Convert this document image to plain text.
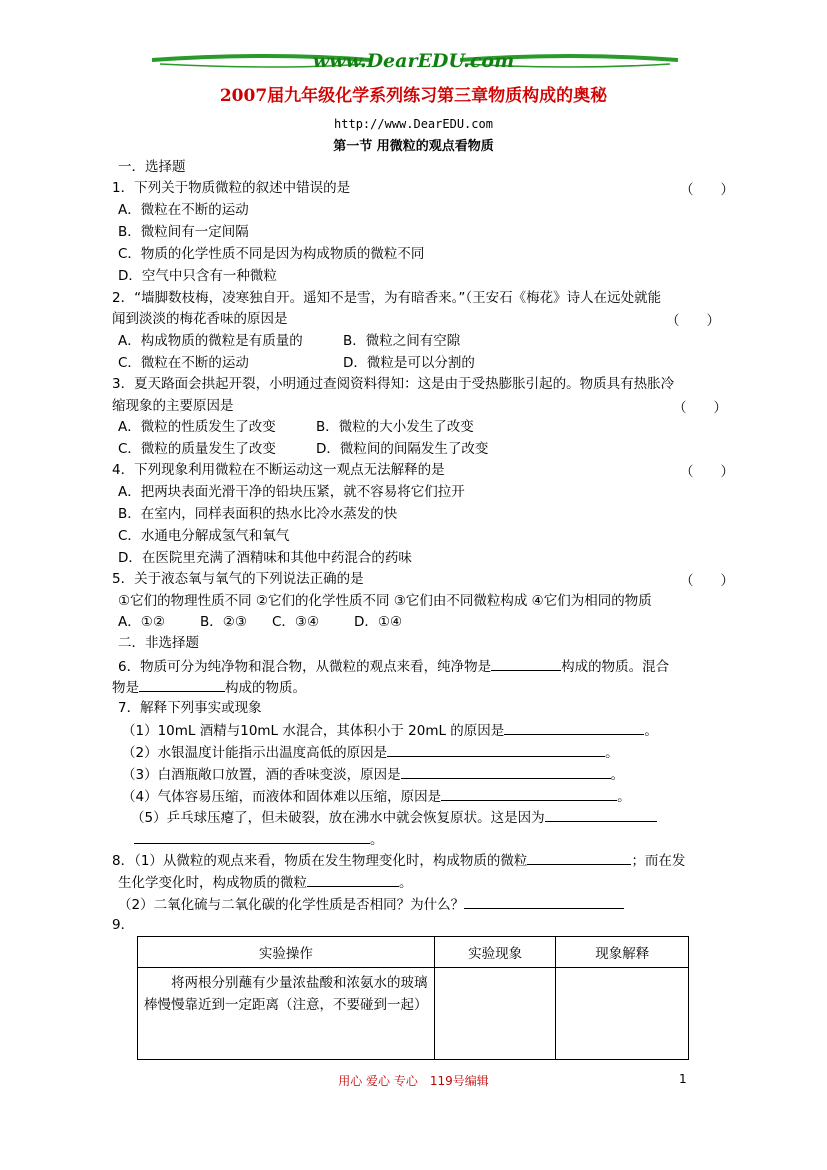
www.DearEDU.com
2007届九年级化学系列练习第三章物质构成的奥秘
http://www.DearEDU.com
第一节 用微粒的观点看物质
一．选择题
1．下列关于物质微粒的叙述中错误的是	（　　）
A．微粒在不断的运动
B．微粒间有一定间隔
C．物质的化学性质不同是因为构成物质的微粒不同
D．空气中只含有一种微粒
2．“墙脚数枝梅，凌寒独自开。遥知不是雪，为有暗香来。”（王安石《梅花》诗人在远处就能
闻到淡淡的梅花香味的原因是	（　　）
A．构成物质的微粒是有质量的	B．微粒之间有空隙
C．微粒在不断的运动	D．微粒是可以分割的
3．夏天路面会拱起开裂，小明通过查阅资料得知：这是由于受热膨胀引起的。物质具有热胀冷
缩现象的主要原因是	（　　）
A．微粒的性质发生了改变	B．微粒的大小发生了改变
C．微粒的质量发生了改变	D．微粒间的间隔发生了改变
4．下列现象利用微粒在不断运动这一观点无法解释的是	（　　）
A．把两块表面光滑干净的铅块压紧，就不容易将它们拉开
B．在室内，同样表面积的热水比冷水蒸发的快
C．水通电分解成氢气和氧气
D．在医院里充满了酒精味和其他中药混合的药味
5．关于液态氧与氧气的下列说法正确的是	（　　）
①它们的物理性质不同 ②它们的化学性质不同 ③它们由不同微粒构成 ④它们为相同的物质
A．①②	B．②③ C．③④	D．①④
二．非选择题
6．物质可分为纯净物和混合物，从微粒的观点来看，纯净物是	构成的物质。混合
物是	构成的物质。
7．解释下列事实或现象
（1）10mL 酒精与10mL 水混合，其体积小于 20mL 的原因是	。
（2）水银温度计能指示出温度高低的原因是	。
（3）白酒瓶敞口放置，酒的香味变淡，原因是	。
（4）气体容易压缩，而液体和固体难以压缩，原因是	。
（5）乒乓球压瘪了，但未破裂，放在沸水中就会恢复原状。这是因为
。
8．（1）从微粒的观点来看，物质在发生物理变化时，构成物质的微粒	；而在发
生化学变化时，构成物质的微粒	。
（2）二氧化硫与二氧化碳的化学性质是否相同？为什么？
9．
实验操作	实验现象	现象解释
将两根分别蘸有少量浓盐酸和浓氨水的玻璃棒慢慢靠近到一定距离（注意，不要碰到一起）		
用心 爱心 专心　119号编辑	1
